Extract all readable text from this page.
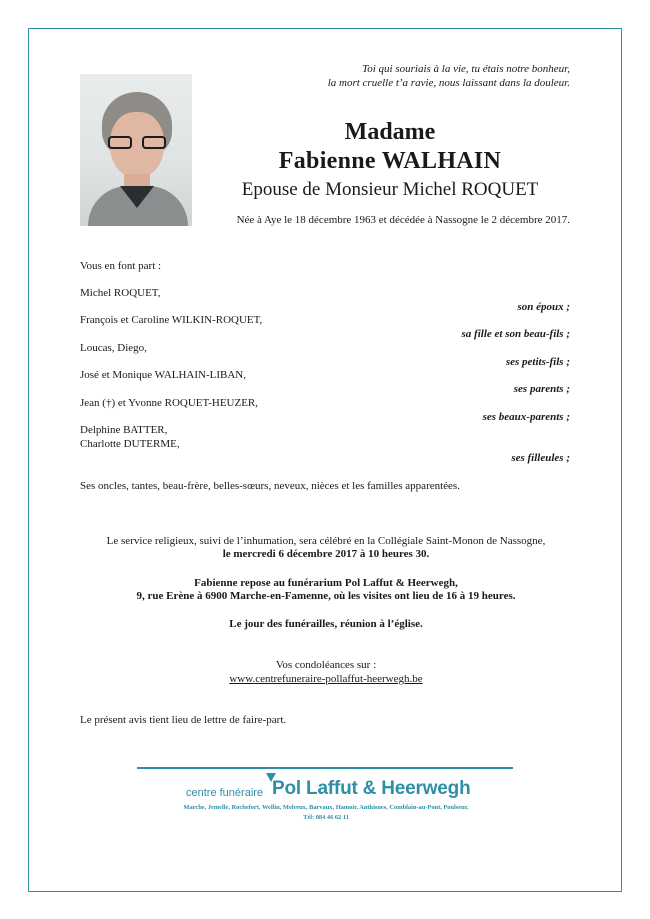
Toi qui souriais à la vie, tu étais notre bonheur,
la mort cruelle t’a ravie, nous laissant dans la douleur.
Madame
Fabienne WALHAIN
Epouse de Monsieur Michel ROQUET
Née à Aye le 18 décembre 1963 et décédée à Nassogne le 2 décembre 2017.
Vous en font part :
Michel ROQUET,
son époux ;
François et Caroline WILKIN-ROQUET,
sa fille et son beau-fils ;
Loucas, Diego,
ses petits-fils ;
José et Monique WALHAIN-LIBAN,
ses parents ;
Jean (†) et Yvonne ROQUET-HEUZER,
ses beaux-parents ;
Delphine BATTER,
Charlotte DUTERME,
ses filleules ;
Ses oncles, tantes, beau-frère, belles-sœurs, neveux, nièces et les familles apparentées.
Le service religieux, suivi de l’inhumation, sera célébré en la Collégiale Saint-Monon de Nassogne,
le mercredi 6 décembre 2017 à 10 heures 30.
Fabienne repose au funérarium Pol Laffut & Heerwegh,
9, rue Erène à 6900 Marche-en-Famenne, où les visites ont lieu de 16 à 19 heures.
Le jour des funérailles, réunion à l’église.
Vos condoléances sur :
www.centrefuneraire-pollaffut-heerwegh.be
Le présent avis tient lieu de lettre de faire-part.
centre funéraire Pol Laffut & Heerwegh
Marche, Jemelle, Rochefort, Wellin, Melreux, Barvaux, Hamoir, Anthisnes, Comblain-au-Pont, Poulseur.
Tél: 084 46 62 11
